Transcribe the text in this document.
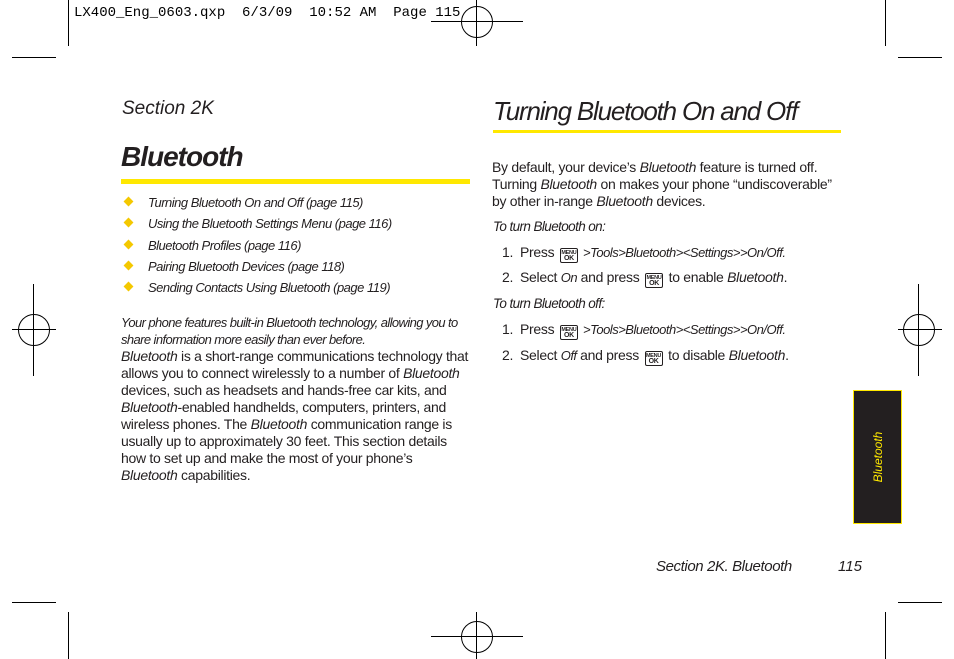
LX400_Eng_0603.qxp  6/3/09  10:52 AM  Page 115
Section 2K
Bluetooth
Turning Bluetooth On and Off (page 115)
Using the Bluetooth Settings Menu (page 116)
Bluetooth Profiles (page 116)
Pairing Bluetooth Devices (page 118)
Sending Contacts Using Bluetooth (page 119)
Your phone features built-in Bluetooth technology, allowing you to share information more easily than ever before.
Bluetooth is a short-range communications technology that allows you to connect wirelessly to a number of Bluetooth devices, such as headsets and hands-free car kits, and Bluetooth-enabled handhelds, computers, printers, and wireless phones. The Bluetooth communication range is usually up to approximately 30 feet. This section details how to set up and make the most of your phone’s Bluetooth capabilities.
Turning Bluetooth On and Off
By default, your device’s Bluetooth feature is turned off. Turning Bluetooth on makes your phone “undiscoverable” by other in-range Bluetooth devices.
To turn Bluetooth on:
1. Press MENU
OK >Tools>Bluetooth><Settings>>On/Off.
2. Select On and press MENU
OK to enable Bluetooth.
To turn Bluetooth off:
1. Press MENU
OK >Tools>Bluetooth><Settings>>On/Off.
2. Select Off and press MENU
OK to disable Bluetooth.
Bluetooth
Section 2K. Bluetooth	115
